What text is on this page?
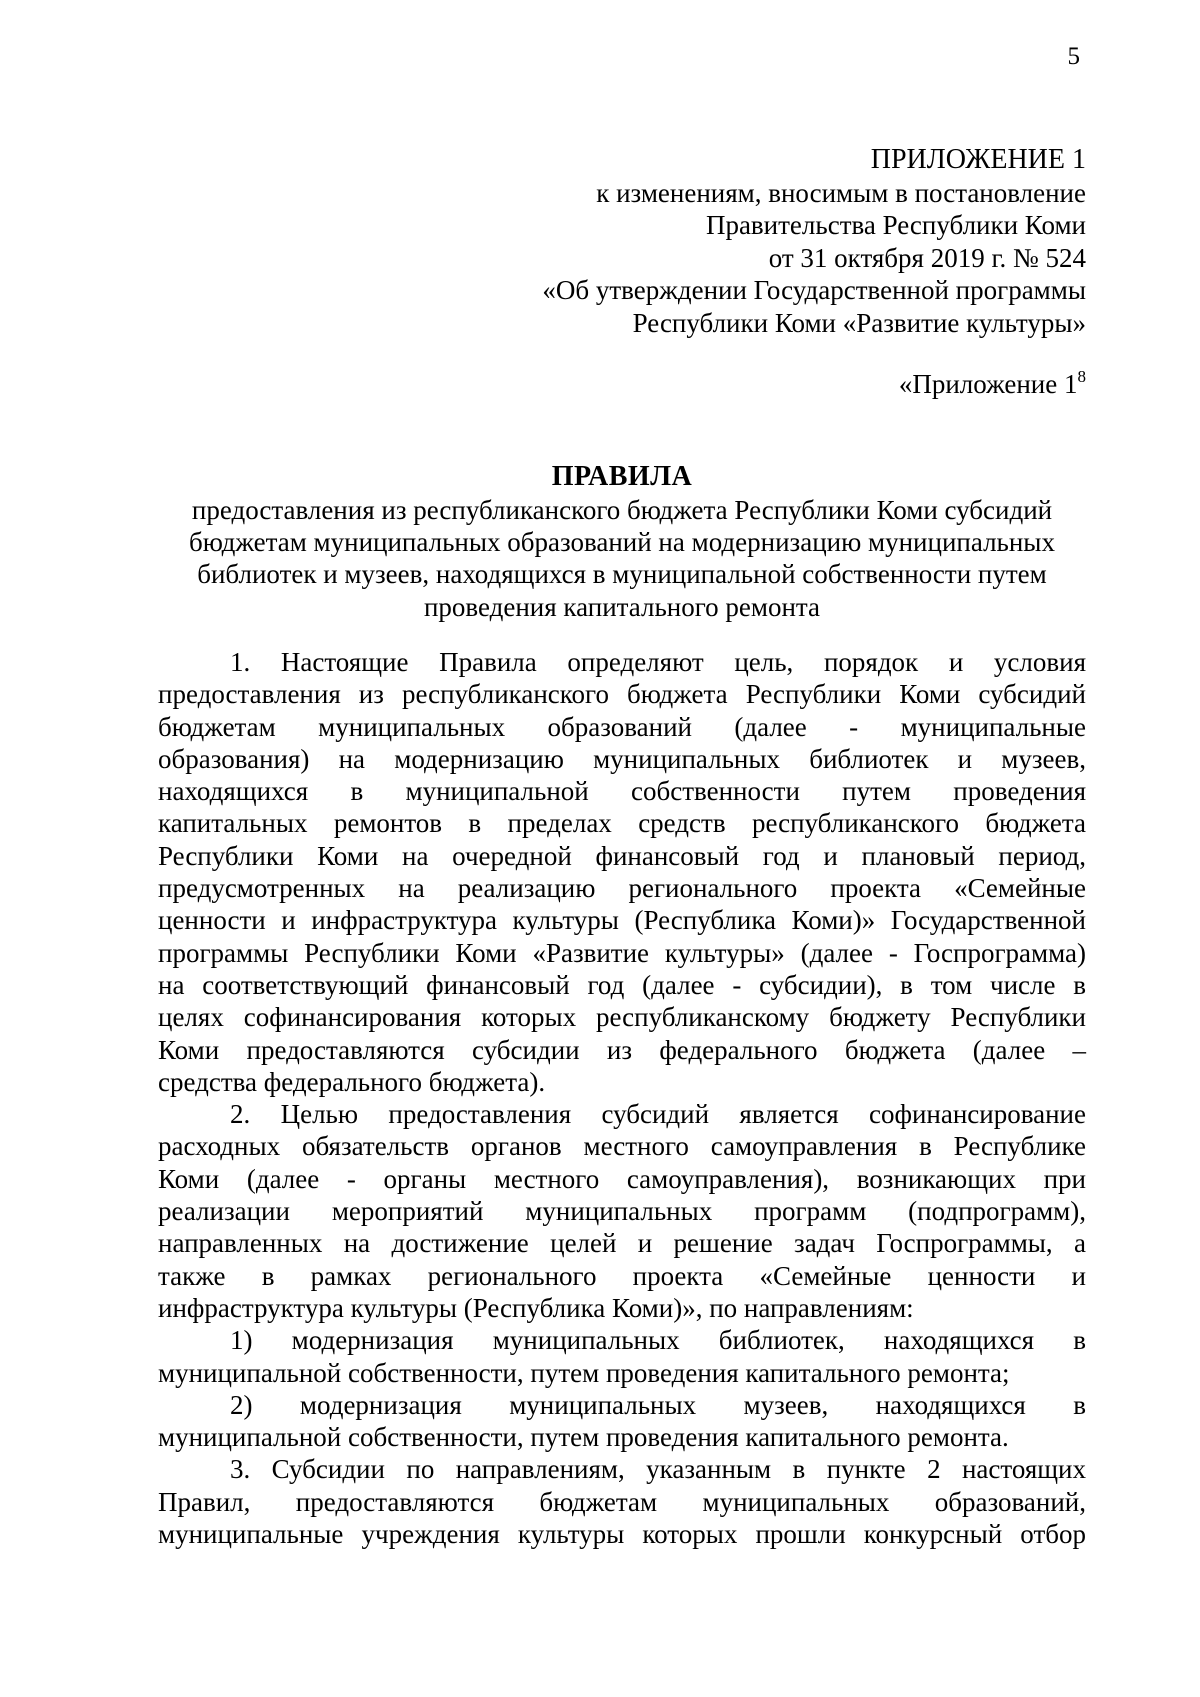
5
ПРИЛОЖЕНИЕ 1
к изменениям, вносимым в постановление
Правительства Республики Коми
от 31 октября 2019 г. № 524
«Об утверждении Государственной программы
Республики Коми «Развитие культуры»
«Приложение $1^8$
ПРАВИЛА
предоставления из республиканского бюджета Республики Коми субсидий
бюджетам муниципальных образований на модернизацию муниципальных
библиотек и музеев, находящихся в муниципальной собственности путем
проведения капитального ремонта
1. Настоящие Правила определяют цель, порядок и условия
предоставления из республиканского бюджета Республики Коми субсидий
бюджетам муниципальных образований (далее - муниципальные
образования) на модернизацию муниципальных библиотек и музеев,
находящихся в муниципальной собственности путем проведения
капитальных ремонтов в пределах средств республиканского бюджета
Республики Коми на очередной финансовый год и плановый период,
предусмотренных на реализацию регионального проекта «Семейные
ценности и инфраструктура культуры (Республика Коми)» Государственной
программы Республики Коми «Развитие культуры» (далее - Госпрограмма)
на соответствующий финансовый год (далее - субсидии), в том числе в
целях софинансирования которых республиканскому бюджету Республики
Коми предоставляются субсидии из федерального бюджета (далее –
средства федерального бюджета).
2. Целью предоставления субсидий является софинансирование
расходных обязательств органов местного самоуправления в Республике
Коми (далее - органы местного самоуправления), возникающих при
реализации мероприятий муниципальных программ (подпрограмм),
направленных на достижение целей и решение задач Госпрограммы, а
также в рамках регионального проекта «Семейные ценности и
инфраструктура культуры (Республика Коми)», по направлениям:
1) модернизация муниципальных библиотек, находящихся в
муниципальной собственности, путем проведения капитального ремонта;
2) модернизация муниципальных музеев, находящихся в
муниципальной собственности, путем проведения капитального ремонта.
3. Субсидии по направлениям, указанным в пункте 2 настоящих
Правил, предоставляются бюджетам муниципальных образований,
муниципальные учреждения культуры которых прошли конкурсный отбор
